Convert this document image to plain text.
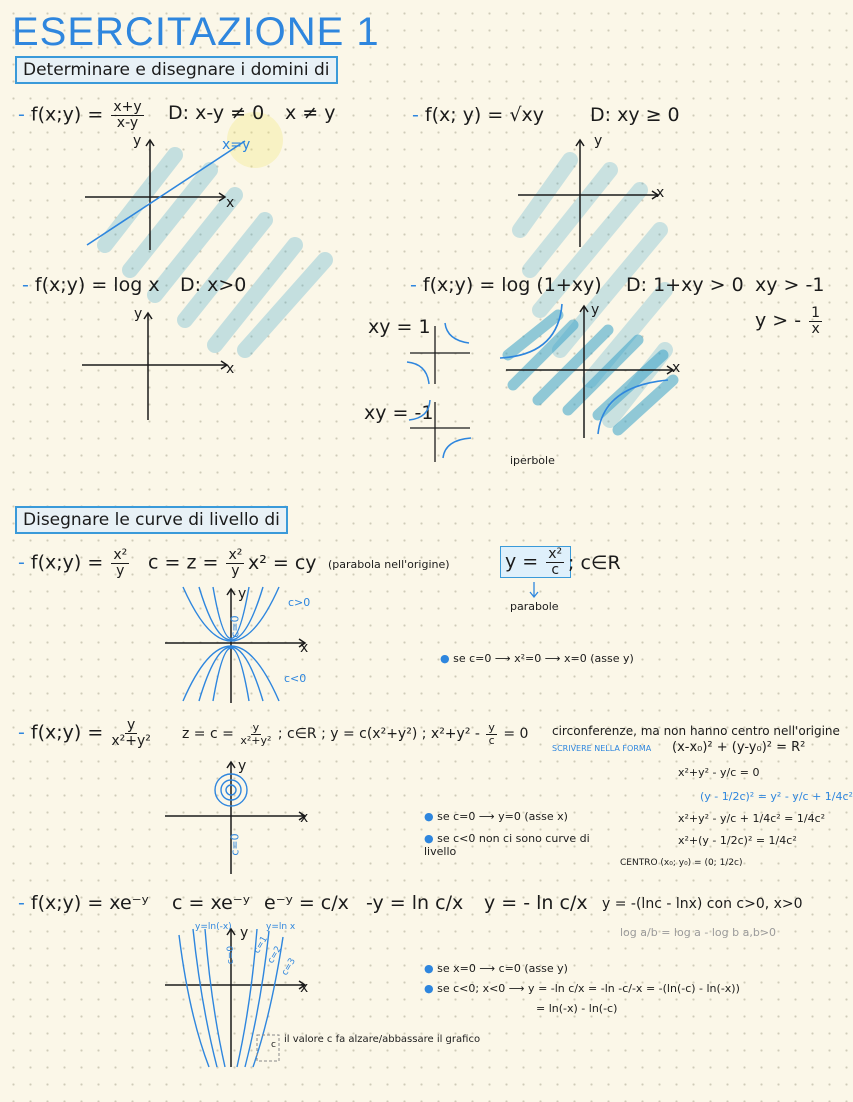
ESERCITAZIONE 1
Determinare e disegnare i domini di
- f(x;y) = $\frac{x+y}{x-y} D$: x-y ≠ 0 x ≠ y
y
x
x=y
- f(x; y) = √xy D: xy ≥ 0
y
x
- f(x;y) = log x D: x>0
y
x
- f(x;y) = log (1+xy) D: 1+xy > 0 xy > -1
y > - $\frac{1}{x}$
xy = 1
xy = -1
y
x
iperbole
Disegnare le curve di livello di
- f(x;y) = $\frac{\text{x²}}{y}$ $c = z = \frac{\text{x²}}{y} x^2$ = cy (parabola nell'origine)	$y = \frac{\text{x²}}{c}$ ; c∈R
parabole
y
x
c>0
c<0
c=0
● se c=0 ⟶ x²=0 ⟶ x=0 (asse y)
- f(x;y) = $\frac{y}{\text{x²+y²}}$ $z = c = \frac{y}{\text{x²+y²}}$ ; c∈R ; y = c(x²+y²) ; $x^2+y^2 - \frac{y}{c} = 0$ circonferenze, ma non hanno centro nell'origine
SCRIVERE NELLA FORMA (x-x₀)² + (y-y₀)² = R²
x²+y² - y/c = 0
(y - 1/2c)² = y² - y/c + 1/4c²
x²+y² - y/c + 1/4c² = 1/4c²
x²+(y - 1/2c)² = 1/4c²
CENTRO (x₀; y₀) = (0; 1/2c)
y
x
c=0
● se c=0 ⟶ y=0 (asse x)
● se c<0 non ci sono curve di livello
- f(x;y) = xe⁻ʸ c = xe⁻ʸ e⁻ʸ = c/x -y = ln c/x y = - ln c/x y = -(lnc - lnx) con c>0, x>0
log a/b = log a - log b a,b>0
y=ln(-x)	y=ln x
y
c=0 c=1
c=2
c=3
x
c il valore c fa alzare/abbassare il grafico
● se x=0 ⟶ c=0 (asse y)
● se c<0; x<0 ⟶ y = -ln c/x = -ln -c/-x = -(ln(-c) - ln(-x))
= ln(-x) - ln(-c)
